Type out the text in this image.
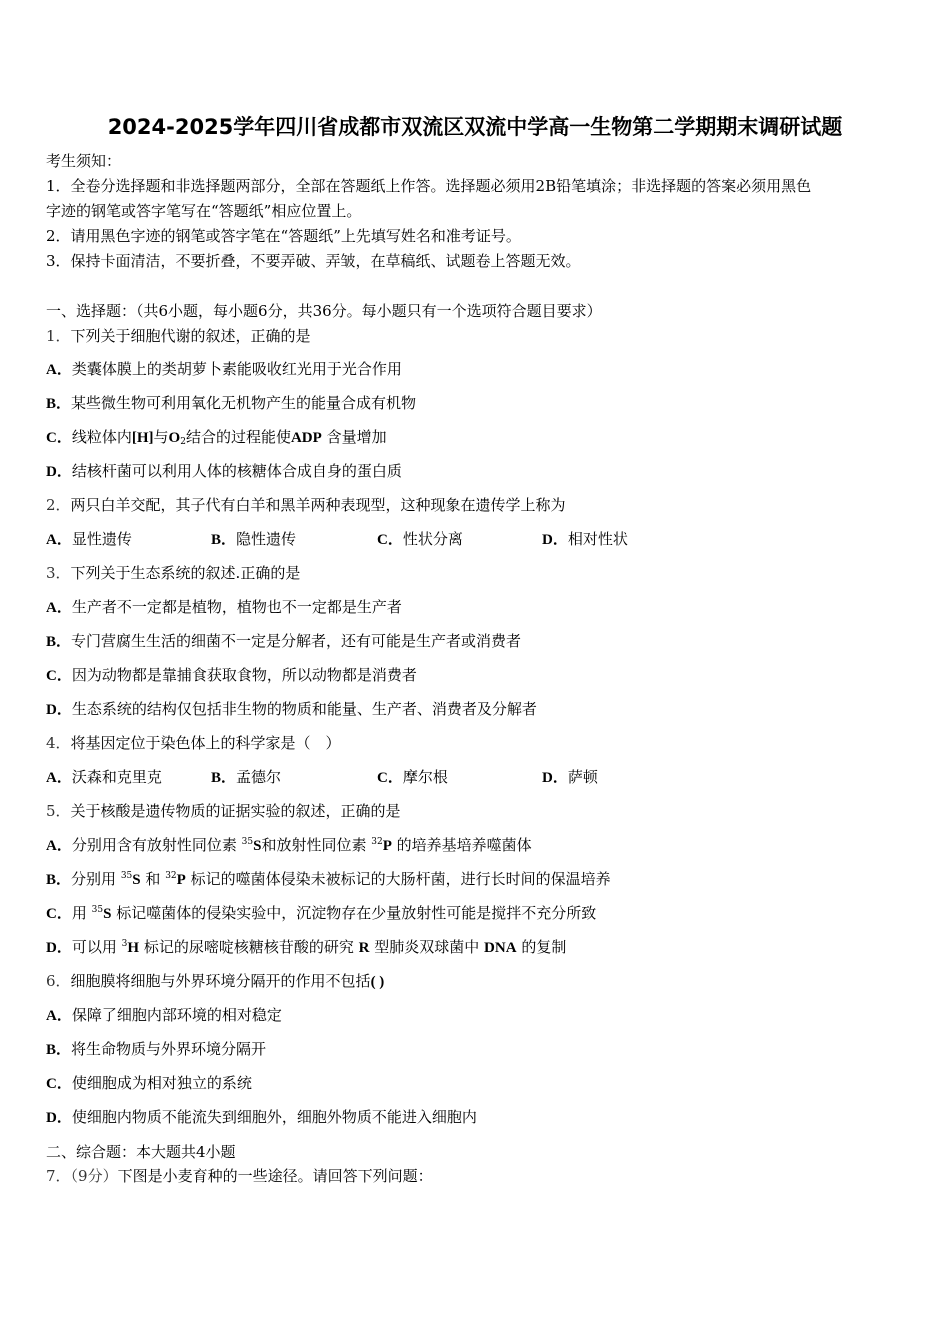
2024-2025学年四川省成都市双流区双流中学高一生物第二学期期末调研试题
考生须知：
1．全卷分选择题和非选择题两部分，全部在答题纸上作答。选择题必须用2B铅笔填涂；非选择题的答案必须用黑色
字迹的钢笔或答字笔写在“答题纸”相应位置上。
2．请用黑色字迹的钢笔或答字笔在“答题纸”上先填写姓名和准考证号。
3．保持卡面清洁，不要折叠，不要弄破、弄皱，在草稿纸、试题卷上答题无效。
一、选择题：（共6小题，每小题6分，共36分。每小题只有一个选项符合题目要求）
1．下列关于细胞代谢的叙述，正确的是
A．类囊体膜上的类胡萝卜素能吸收红光用于光合作用
B．某些微生物可利用氧化无机物产生的能量合成有机物
C．线粒体内[H]与$O_2$结合的过程能使ADP 含量增加
D．结核杆菌可以利用人体的核糖体合成自身的蛋白质
2．两只白羊交配，其子代有白羊和黑羊两种表现型，这种现象在遗传学上称为
A．显性遗传	B．隐性遗传	C．性状分离	D．相对性状
3．下列关于生态系统的叙述.正确的是
A．生产者不一定都是植物，植物也不一定都是生产者
B．专门营腐生生活的细菌不一定是分解者，还有可能是生产者或消费者
C．因为动物都是靠捕食获取食物，所以动物都是消费者
D．生态系统的结构仅包括非生物的物质和能量、生产者、消费者及分解者
4．将基因定位于染色体上的科学家是（　）
A．沃森和克里克	B．孟德尔	C．摩尔根	D．萨顿
5．关于核酸是遗传物质的证据实验的叙述，正确的是
A．分别用含有放射性同位素 $^{35}$S和放射性同位素 $^{32}$P 的培养基培养噬菌体
B．分别用 $^{35}$S 和 $^{32}$P 标记的噬菌体侵染未被标记的大肠杆菌，进行长时间的保温培养
C．用 $^{35}$S 标记噬菌体的侵染实验中，沉淀物存在少量放射性可能是搅拌不充分所致
D．可以用 $^3$H 标记的尿嘧啶核糖核苷酸的研究 R 型肺炎双球菌中 DNA 的复制
6．细胞膜将细胞与外界环境分隔开的作用不包括( )
A．保障了细胞内部环境的相对稳定
B．将生命物质与外界环境分隔开
C．使细胞成为相对独立的系统
D．使细胞内物质不能流失到细胞外，细胞外物质不能进入细胞内
二、综合题：本大题共4小题
7．（9分）下图是小麦育种的一些途径。请回答下列问题：
